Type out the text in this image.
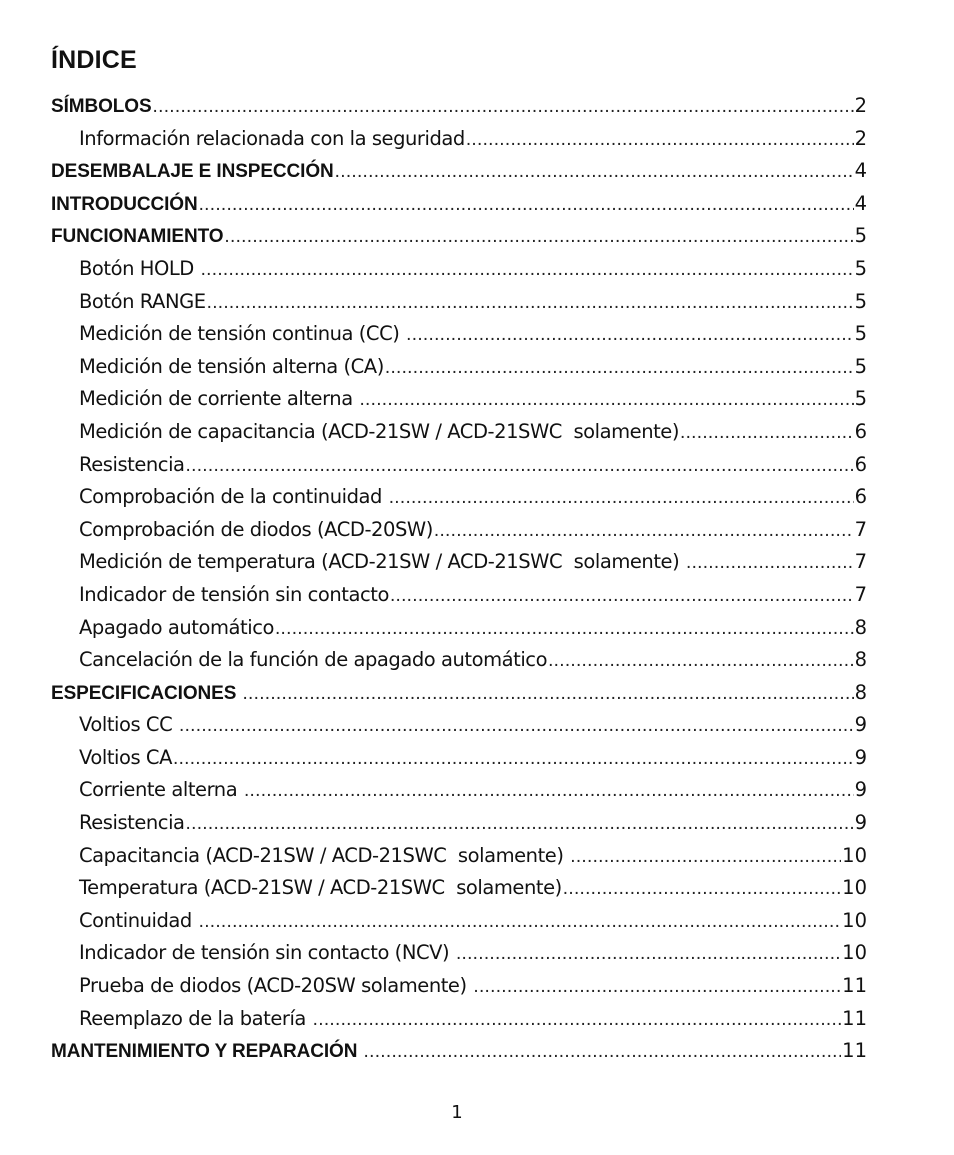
ÍNDICE
SÍMBOLOS .....	2
Información relacionada con la seguridad .....	2
DESEMBALAJE E INSPECCIÓN .....	4
INTRODUCCIÓN .....	4
FUNCIONAMIENTO .....	5
Botón HOLD .....	5
Botón RANGE .....	5
Medición de tensión continua (CC) .....	5
Medición de tensión alterna (CA) .....	5
Medición de corriente alterna .....	5
Medición de capacitancia (ACD-21SW / ACD-21SWC  solamente) .....	6
Resistencia .....	6
Comprobación de la continuidad .....	6
Comprobación de diodos (ACD-20SW) .....	7
Medición de temperatura (ACD-21SW / ACD-21SWC  solamente) .....	7
Indicador de tensión sin contacto .....	7
Apagado automático .....	8
Cancelación de la función de apagado automático .....	8
ESPECIFICACIONES .....	8
Voltios CC .....	9
Voltios CA .....	9
Corriente alterna .....	9
Resistencia .....	9
Capacitancia (ACD-21SW / ACD-21SWC  solamente) .....	10
Temperatura (ACD-21SW / ACD-21SWC  solamente) .....	10
Continuidad .....	10
Indicador de tensión sin contacto (NCV) .....	10
Prueba de diodos (ACD-20SW solamente) .....	11
Reemplazo de la batería .....	11
MANTENIMIENTO Y REPARACIÓN .....	11
1
